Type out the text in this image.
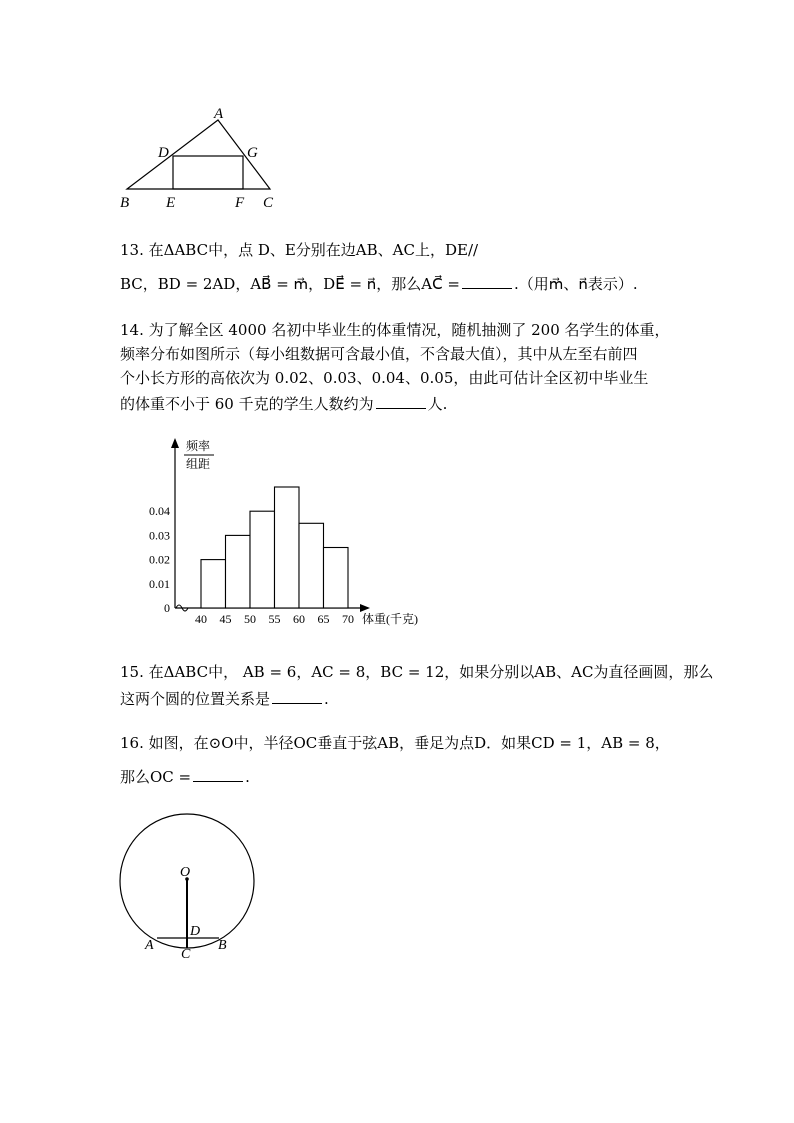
A
D	G
B E	F C
13. 在ΔABC中，点 D、E分别在边AB、AC上，DE//
BC，BD = 2AD，AB⃗ = m⃗，DE⃗ = n⃗，那么AC⃗ =	.（用m⃗、n⃗表示）.
14. 为了解全区 4000 名初中毕业生的体重情况，随机抽测了 200 名学生的体重，
频率分布如图所示（每小组数据可含最小值，不含最大值），其中从左至右前四
个小长方形的高依次为 0.02、0.03、0.04、0.05，由此可估计全区初中毕业生
的体重不小于 60 千克的学生人数约为	人.
40 45 50 55 60 65 70
0
0.01
0.02
0.03
0.04
频率
组距
体重(千克)
15. 在ΔABC中， AB = 6，AC = 8，BC = 12，如果分别以AB、AC为直径画圆，那么
这两个圆的位置关系是	.
16. 如图，在⊙O中，半径OC垂直于弦AB，垂足为点D．如果CD = 1，AB = 8，
那么OC =	.
O
D
A	B
C
